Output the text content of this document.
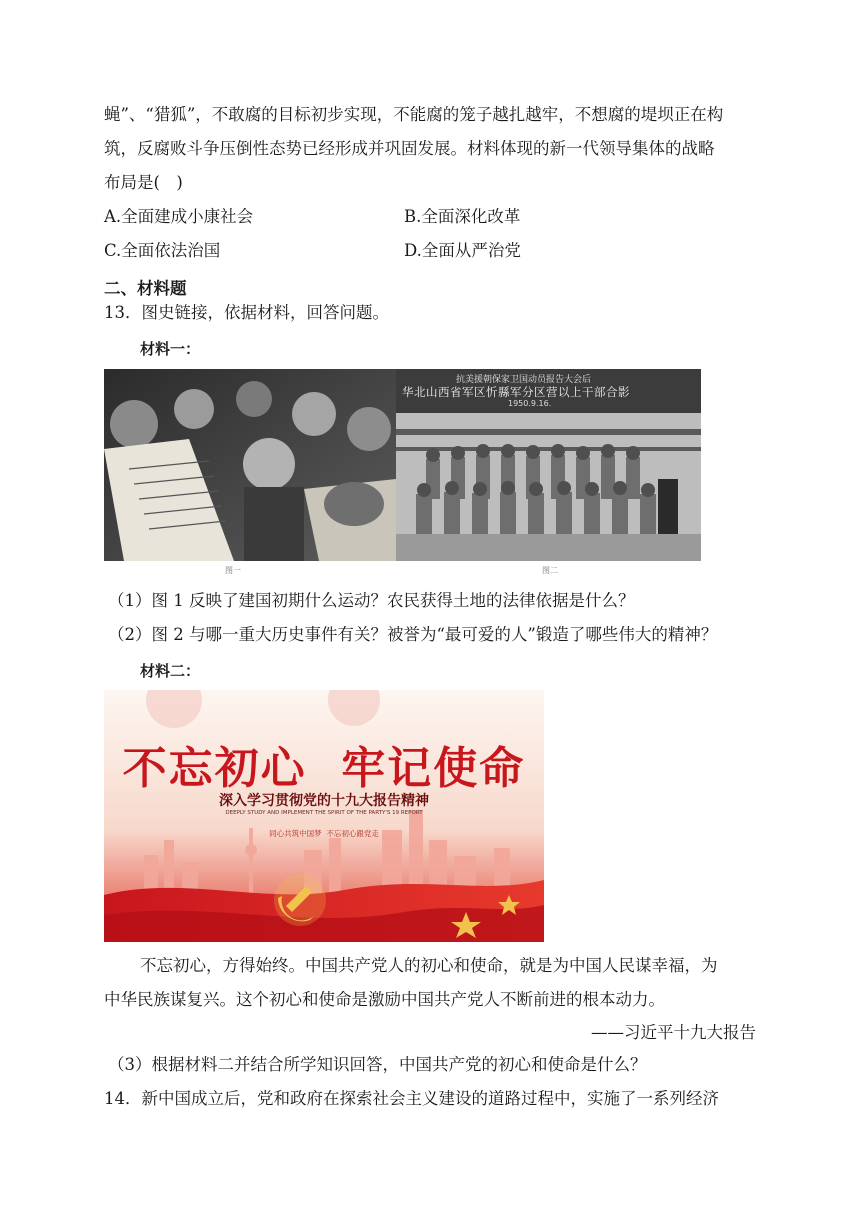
蝇”、“猎狐”，不敢腐的目标初步实现，不能腐的笼子越扎越牢，不想腐的堤坝正在构
筑，反腐败斗争压倒性态势已经形成并巩固发展。材料体现的新一代领导集体的战略
布局是(　)
A.全面建成小康社会	B.全面深化改革
C.全面依法治国	D.全面从严治党
二、材料题
13．图史链接，依据材料，回答问题。
材料一：
抗美援朝保家卫国动员报告大会后
华北山西省军区忻縣军分区营以上干部合影
1950.9.16.
图一	图二
（1）图 1 反映了建国初期什么运动？农民获得土地的法律依据是什么？
（2）图 2 与哪一重大历史事件有关？被誉为“最可爱的人”锻造了哪些伟大的精神？
材料二：
不忘初心  牢记使命
深入学习贯彻党的十九大报告精神
DEEPLY STUDY AND IMPLEMENT THE SPIRIT OF THE PARTY'S 19 REPORT
同心共筑中国梦  不忘初心跟党走
不忘初心，方得始终。中国共产党人的初心和使命，就是为中国人民谋幸福，为
中华民族谋复兴。这个初心和使命是激励中国共产党人不断前进的根本动力。
——习近平十九大报告
（3）根据材料二并结合所学知识回答，中国共产党的初心和使命是什么？
14．新中国成立后，党和政府在探索社会主义建设的道路过程中，实施了一系列经济
